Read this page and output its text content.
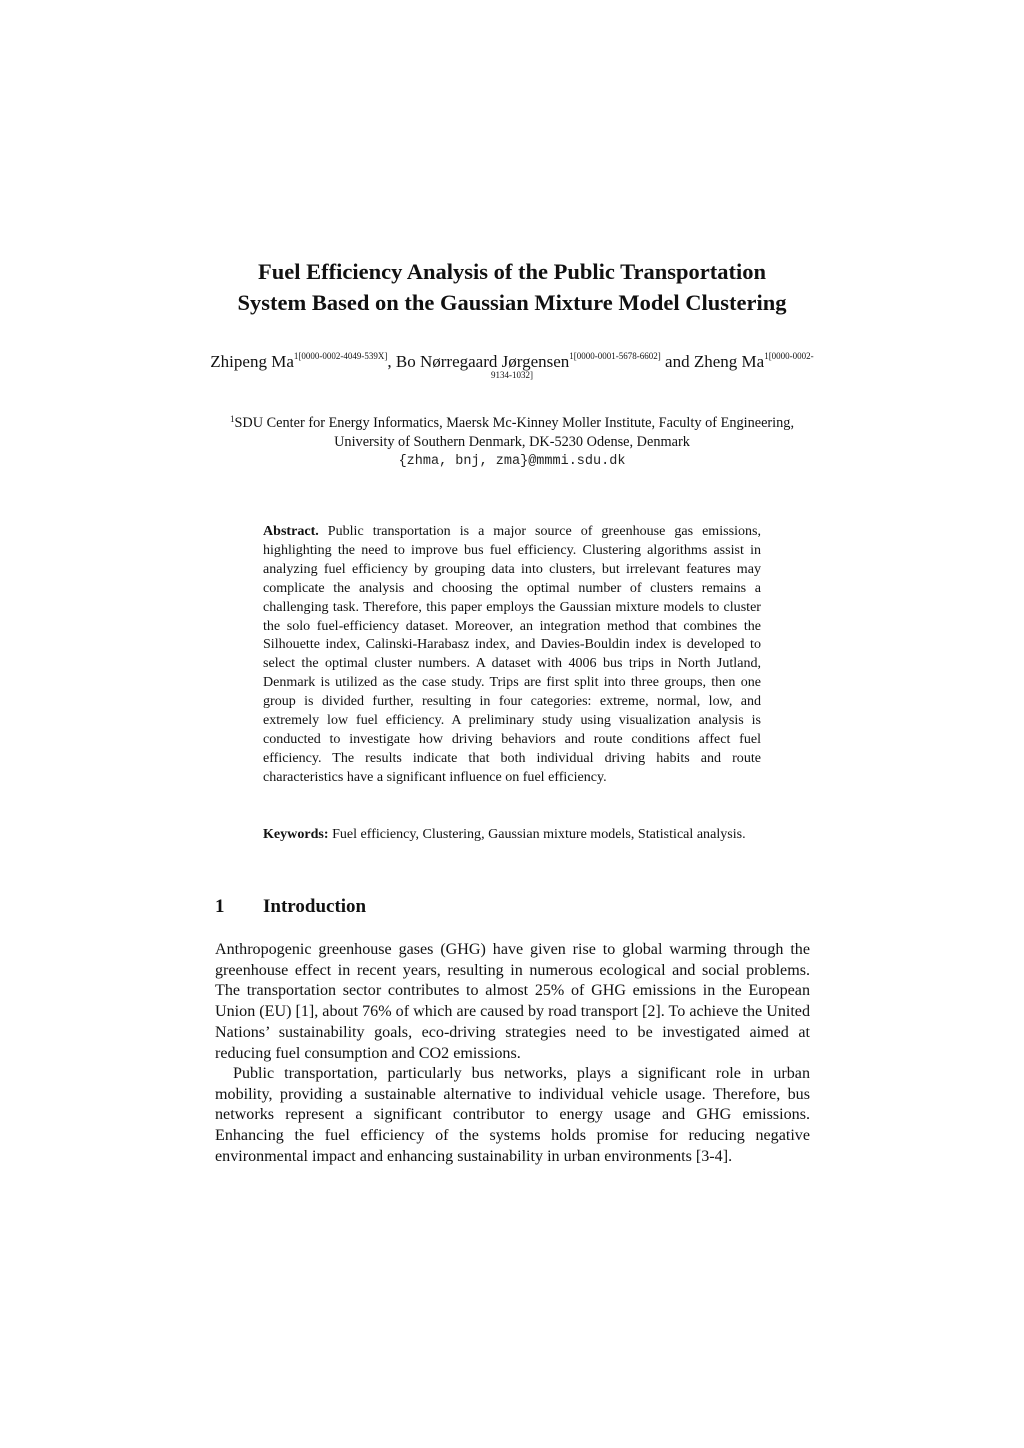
Fuel Efficiency Analysis of the Public Transportation
System Based on the Gaussian Mixture Model Clustering
Zhipeng $Ma^{1[0000-0002-4049-539X]}$, Bo Nørregaard Jørgensen$^{1[0000-0001-5678-6602]}$ and Zheng $Ma^{1[0000-0002-9134-1032]}$
$^1$SDU Center for Energy Informatics, Maersk Mc-Kinney Moller Institute, Faculty of Engineering, University of Southern Denmark, DK-5230 Odense, Denmark
{zhma, bnj, zma}@mmmi.sdu.dk

Abstract. Public transportation is a major source of greenhouse gas emissions, highlighting the need to improve bus fuel efficiency. Clustering algorithms assist in analyzing fuel efficiency by grouping data into clusters, but irrelevant features may complicate the analysis and choosing the optimal number of clusters remains a challenging task. Therefore, this paper employs the Gaussian mixture models to cluster the solo fuel-efficiency dataset. Moreover, an integration method that combines the Silhouette index, Calinski-Harabasz index, and Davies-Bouldin index is developed to select the optimal cluster numbers. A dataset with 4006 bus trips in North Jutland, Denmark is utilized as the case study. Trips are first split into three groups, then one group is divided further, resulting in four categories: extreme, normal, low, and extremely low fuel efficiency. A preliminary study using visualization analysis is conducted to investigate how driving behaviors and route conditions affect fuel efficiency. The results indicate that both individual driving habits and route characteristics have a significant influence on fuel efficiency.

Keywords: Fuel efficiency, Clustering, Gaussian mixture models, Statistical analysis.

1 Introduction

Anthropogenic greenhouse gases (GHG) have given rise to global warming through the greenhouse effect in recent years, resulting in numerous ecological and social problems. The transportation sector contributes to almost 25% of GHG emissions in the European Union (EU) [1], about 76% of which are caused by road transport [2]. To achieve the United Nations’ sustainability goals, eco-driving strategies need to be investigated aimed at reducing fuel consumption and CO2 emissions.

Public transportation, particularly bus networks, plays a significant role in urban mobility, providing a sustainable alternative to individual vehicle usage. Therefore, bus networks represent a significant contributor to energy usage and GHG emissions. Enhancing the fuel efficiency of the systems holds promise for reducing negative environmental impact and enhancing sustainability in urban environments [3-4].
